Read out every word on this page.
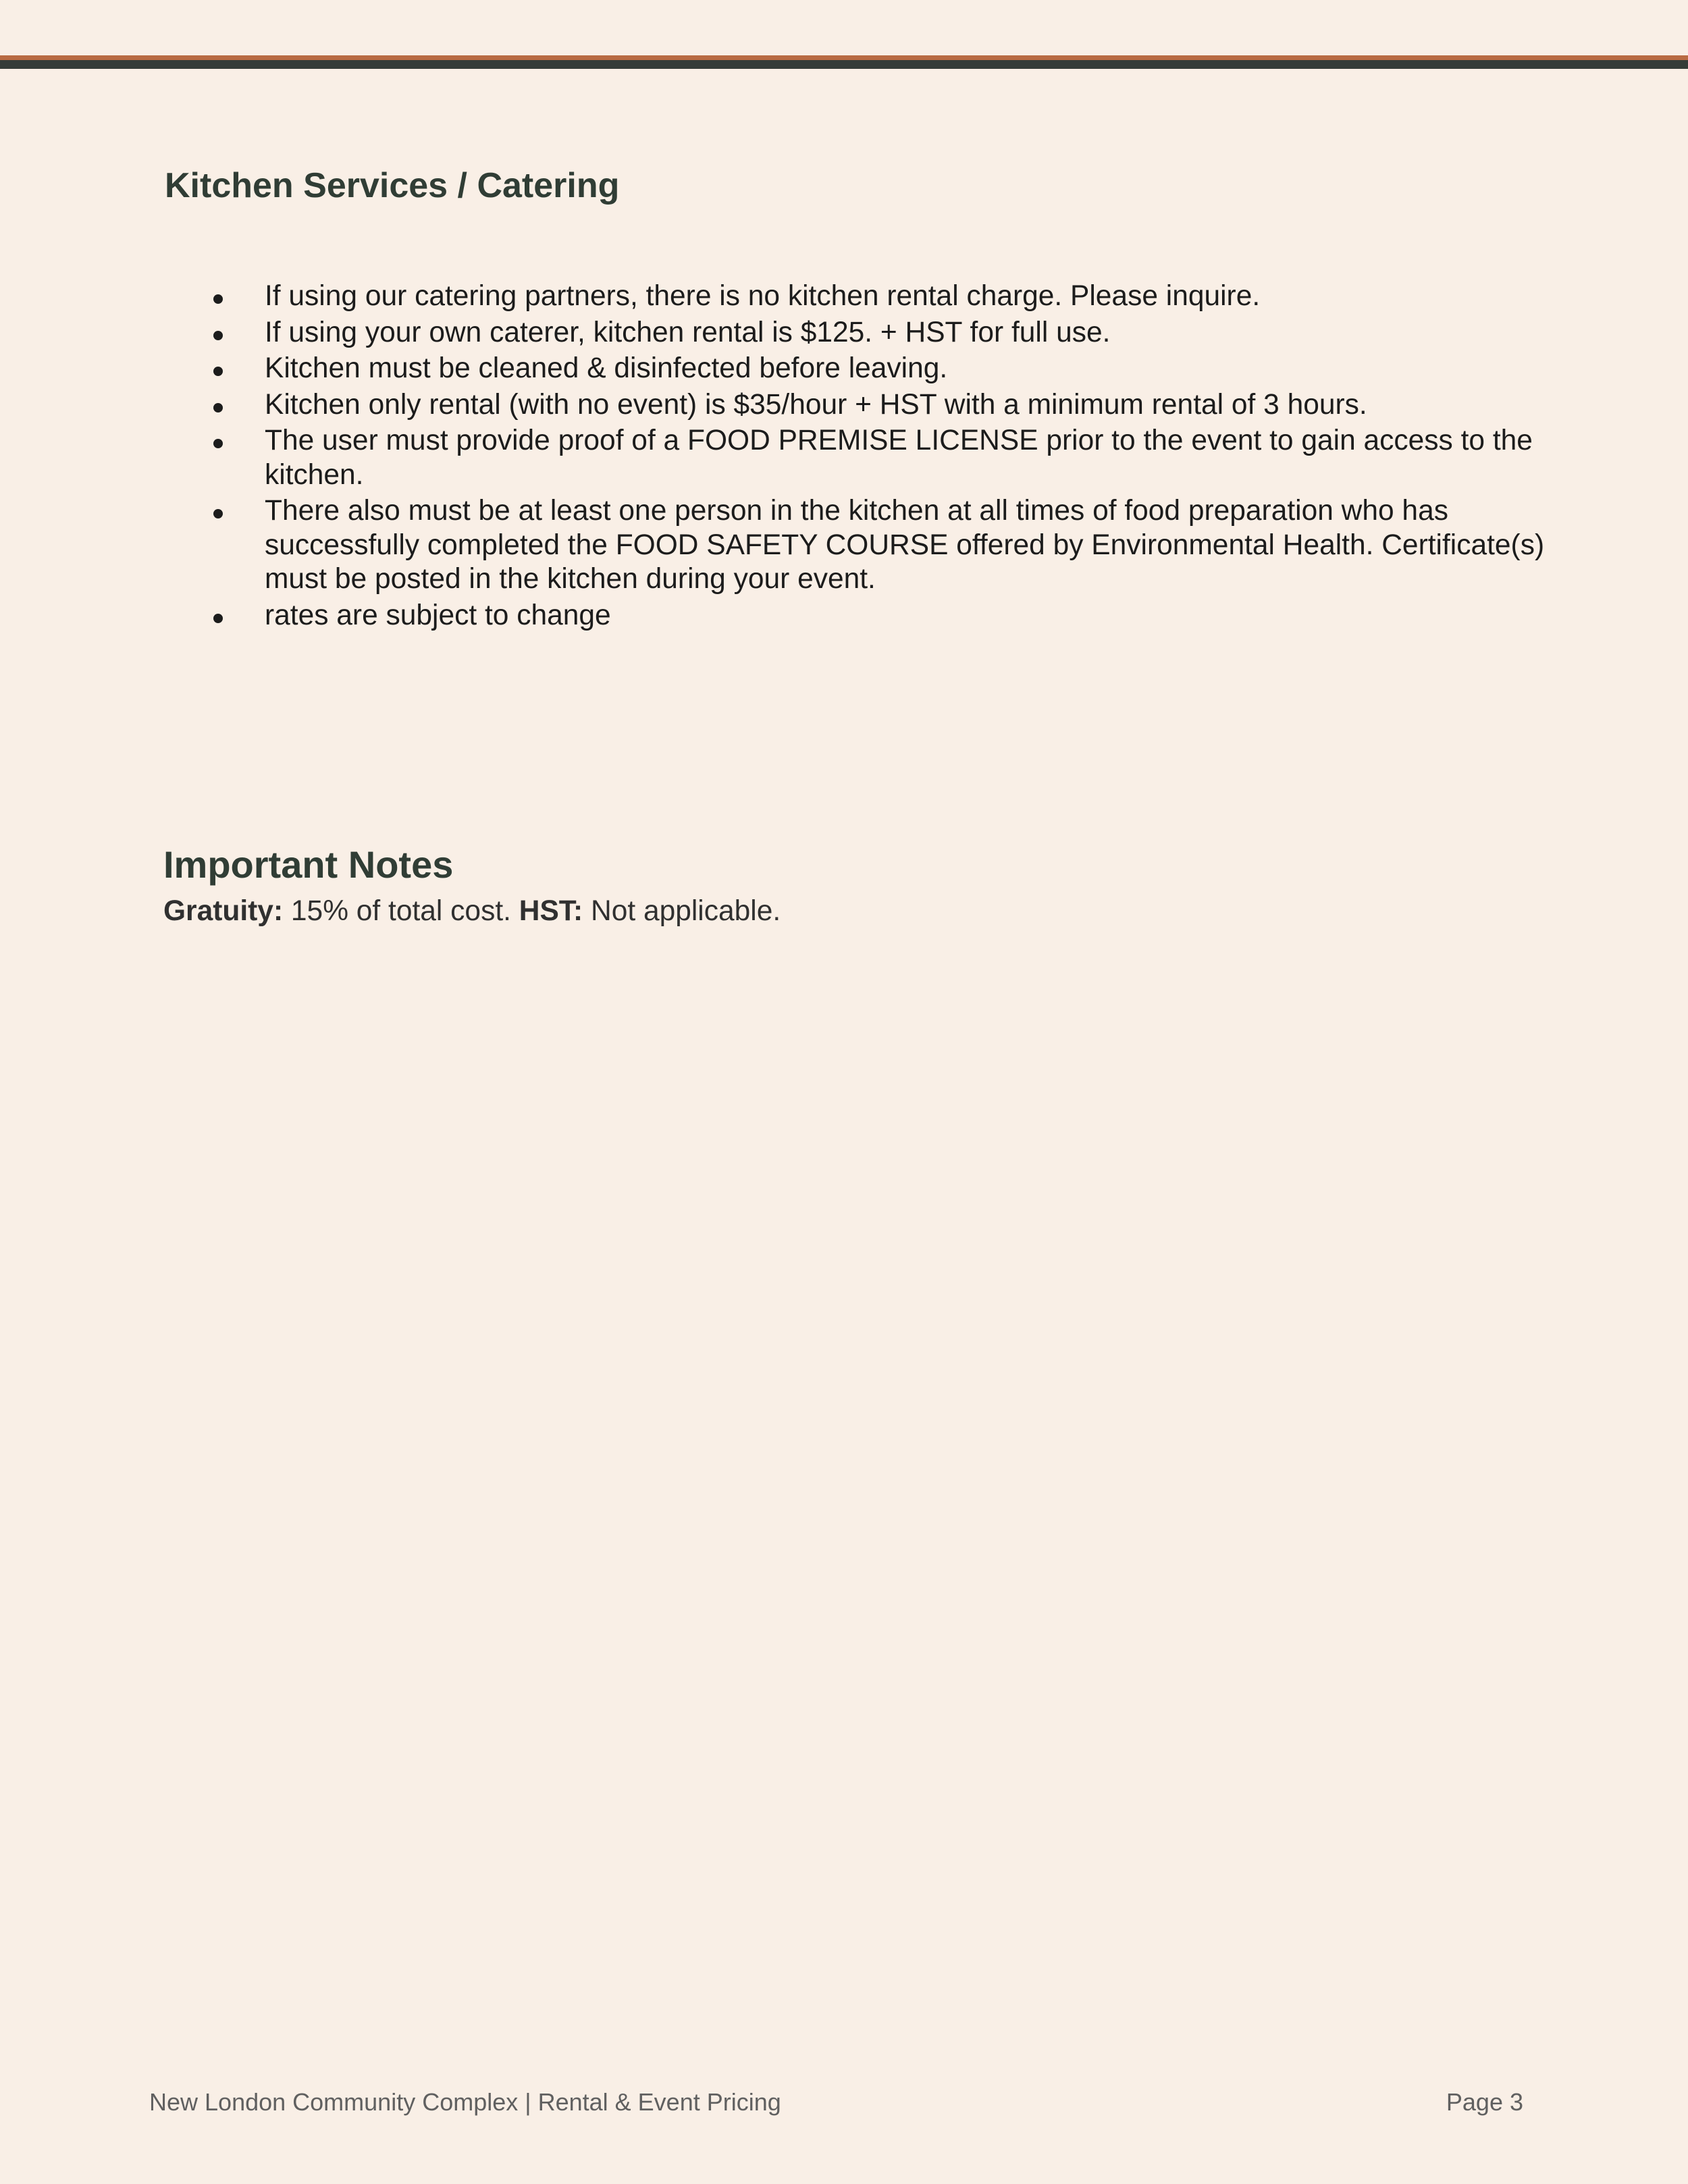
Kitchen Services / Catering
If using our catering partners, there is no kitchen rental charge. Please inquire.
If using your own caterer, kitchen rental is $125. + HST for full use.
Kitchen must be cleaned & disinfected before leaving.
Kitchen only rental (with no event) is $35/hour + HST with a minimum rental of 3 hours.
The user must provide proof of a FOOD PREMISE LICENSE prior to the event to gain access to the kitchen.
There also must be at least one person in the kitchen at all times of food preparation who has successfully completed the FOOD SAFETY COURSE offered by Environmental Health. Certificate(s) must be posted in the kitchen during your event.
rates are subject to change
Important Notes

Gratuity: 15% of total cost. HST: Not applicable.

New London Community Complex | Rental & Event Pricing	Page 3
